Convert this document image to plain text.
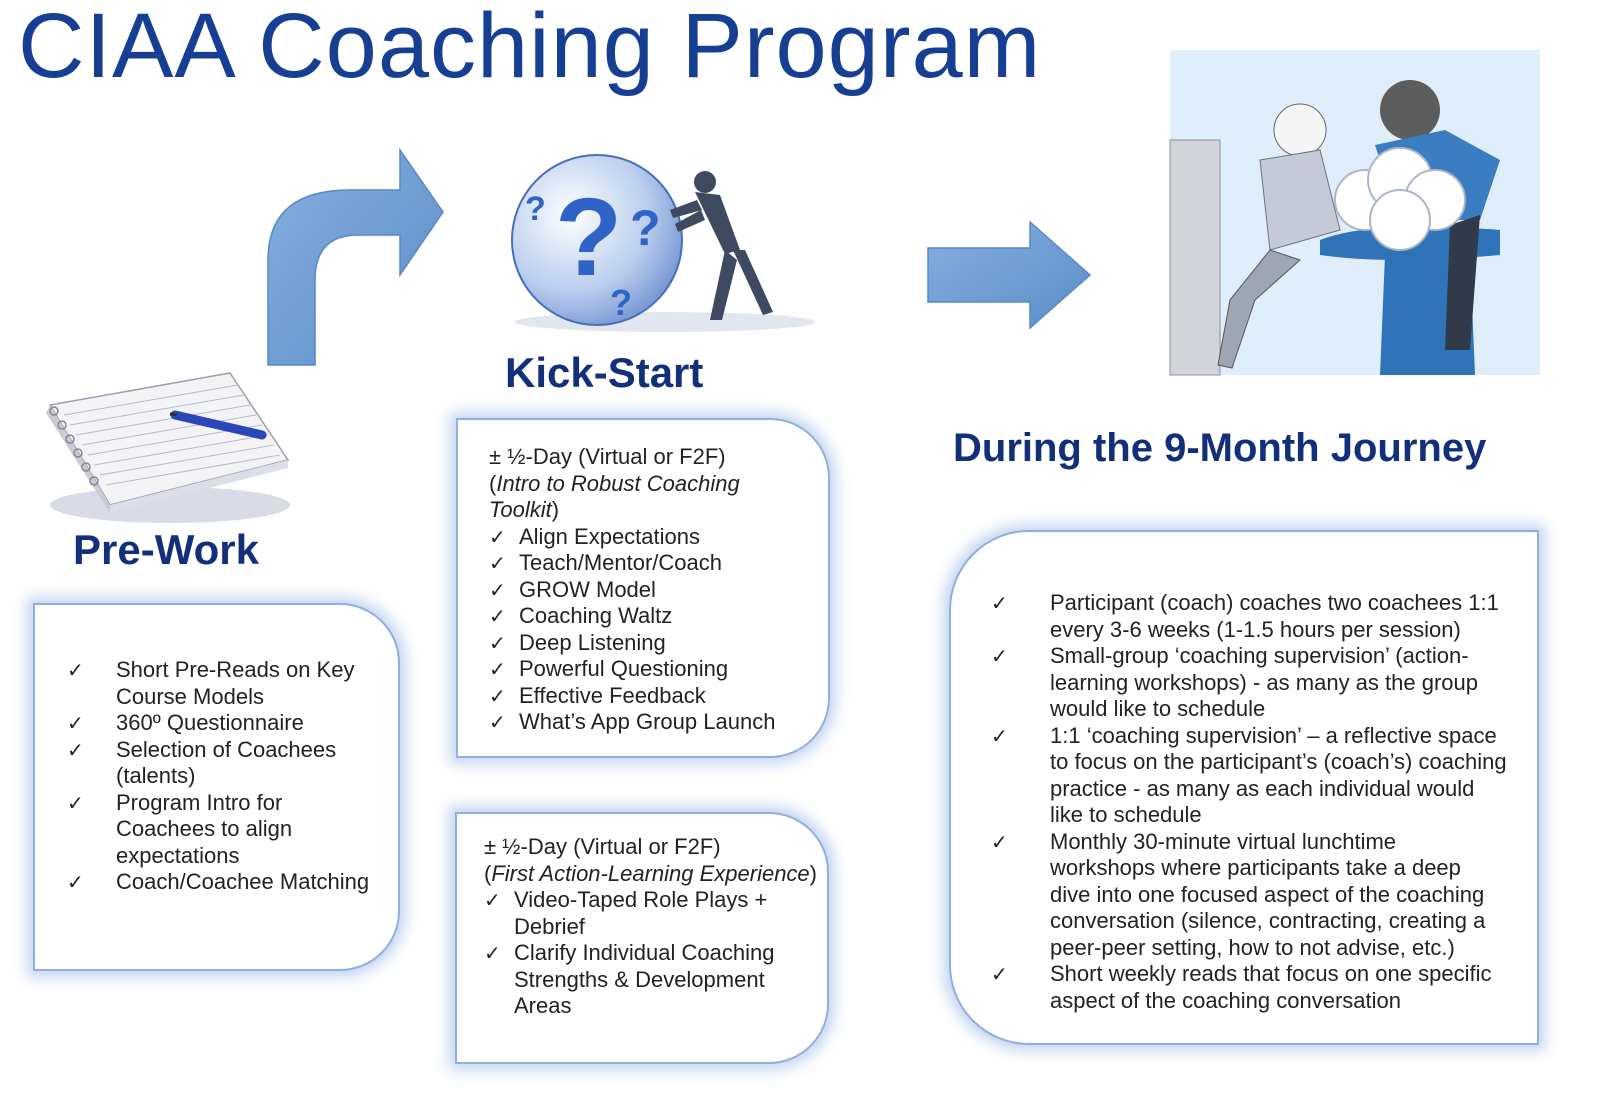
CIAA Coaching Program
? ?
?
?
Pre-Work
Kick-Start
During the 9-Month Journey
✓ Short Pre-Reads on Key Course Models
✓ 360º Questionnaire
✓ Selection of Coachees (talents)
✓ Program Intro for Coachees to align expectations
✓ Coach/Coachee Matching
± ½-Day (Virtual or F2F)
(Intro to Robust Coaching Toolkit)
✓ Align Expectations
✓ Teach/Mentor/Coach
✓ GROW Model
✓ Coaching Waltz
✓ Deep Listening
✓ Powerful Questioning
✓ Effective Feedback
✓ What’s App Group Launch
± ½-Day (Virtual or F2F)
(First Action-Learning Experience)
✓ Video-Taped Role Plays + Debrief
✓ Clarify Individual Coaching Strengths & Development Areas
✓ Participant (coach) coaches two coachees 1:1 every 3-6 weeks (1-1.5 hours per session)
✓ Small-group ‘coaching supervision’ (action-learning workshops) - as many as the group would like to schedule
✓ 1:1 ‘coaching supervision’ – a reflective space to focus on the participant’s (coach’s) coaching practice - as many as each individual would like to schedule
✓ Monthly 30-minute virtual lunchtime workshops where participants take a deep dive into one focused aspect of the coaching conversation (silence, contracting, creating a peer-peer setting, how to not advise, etc.)
✓ Short weekly reads that focus on one specific aspect of the coaching conversation
